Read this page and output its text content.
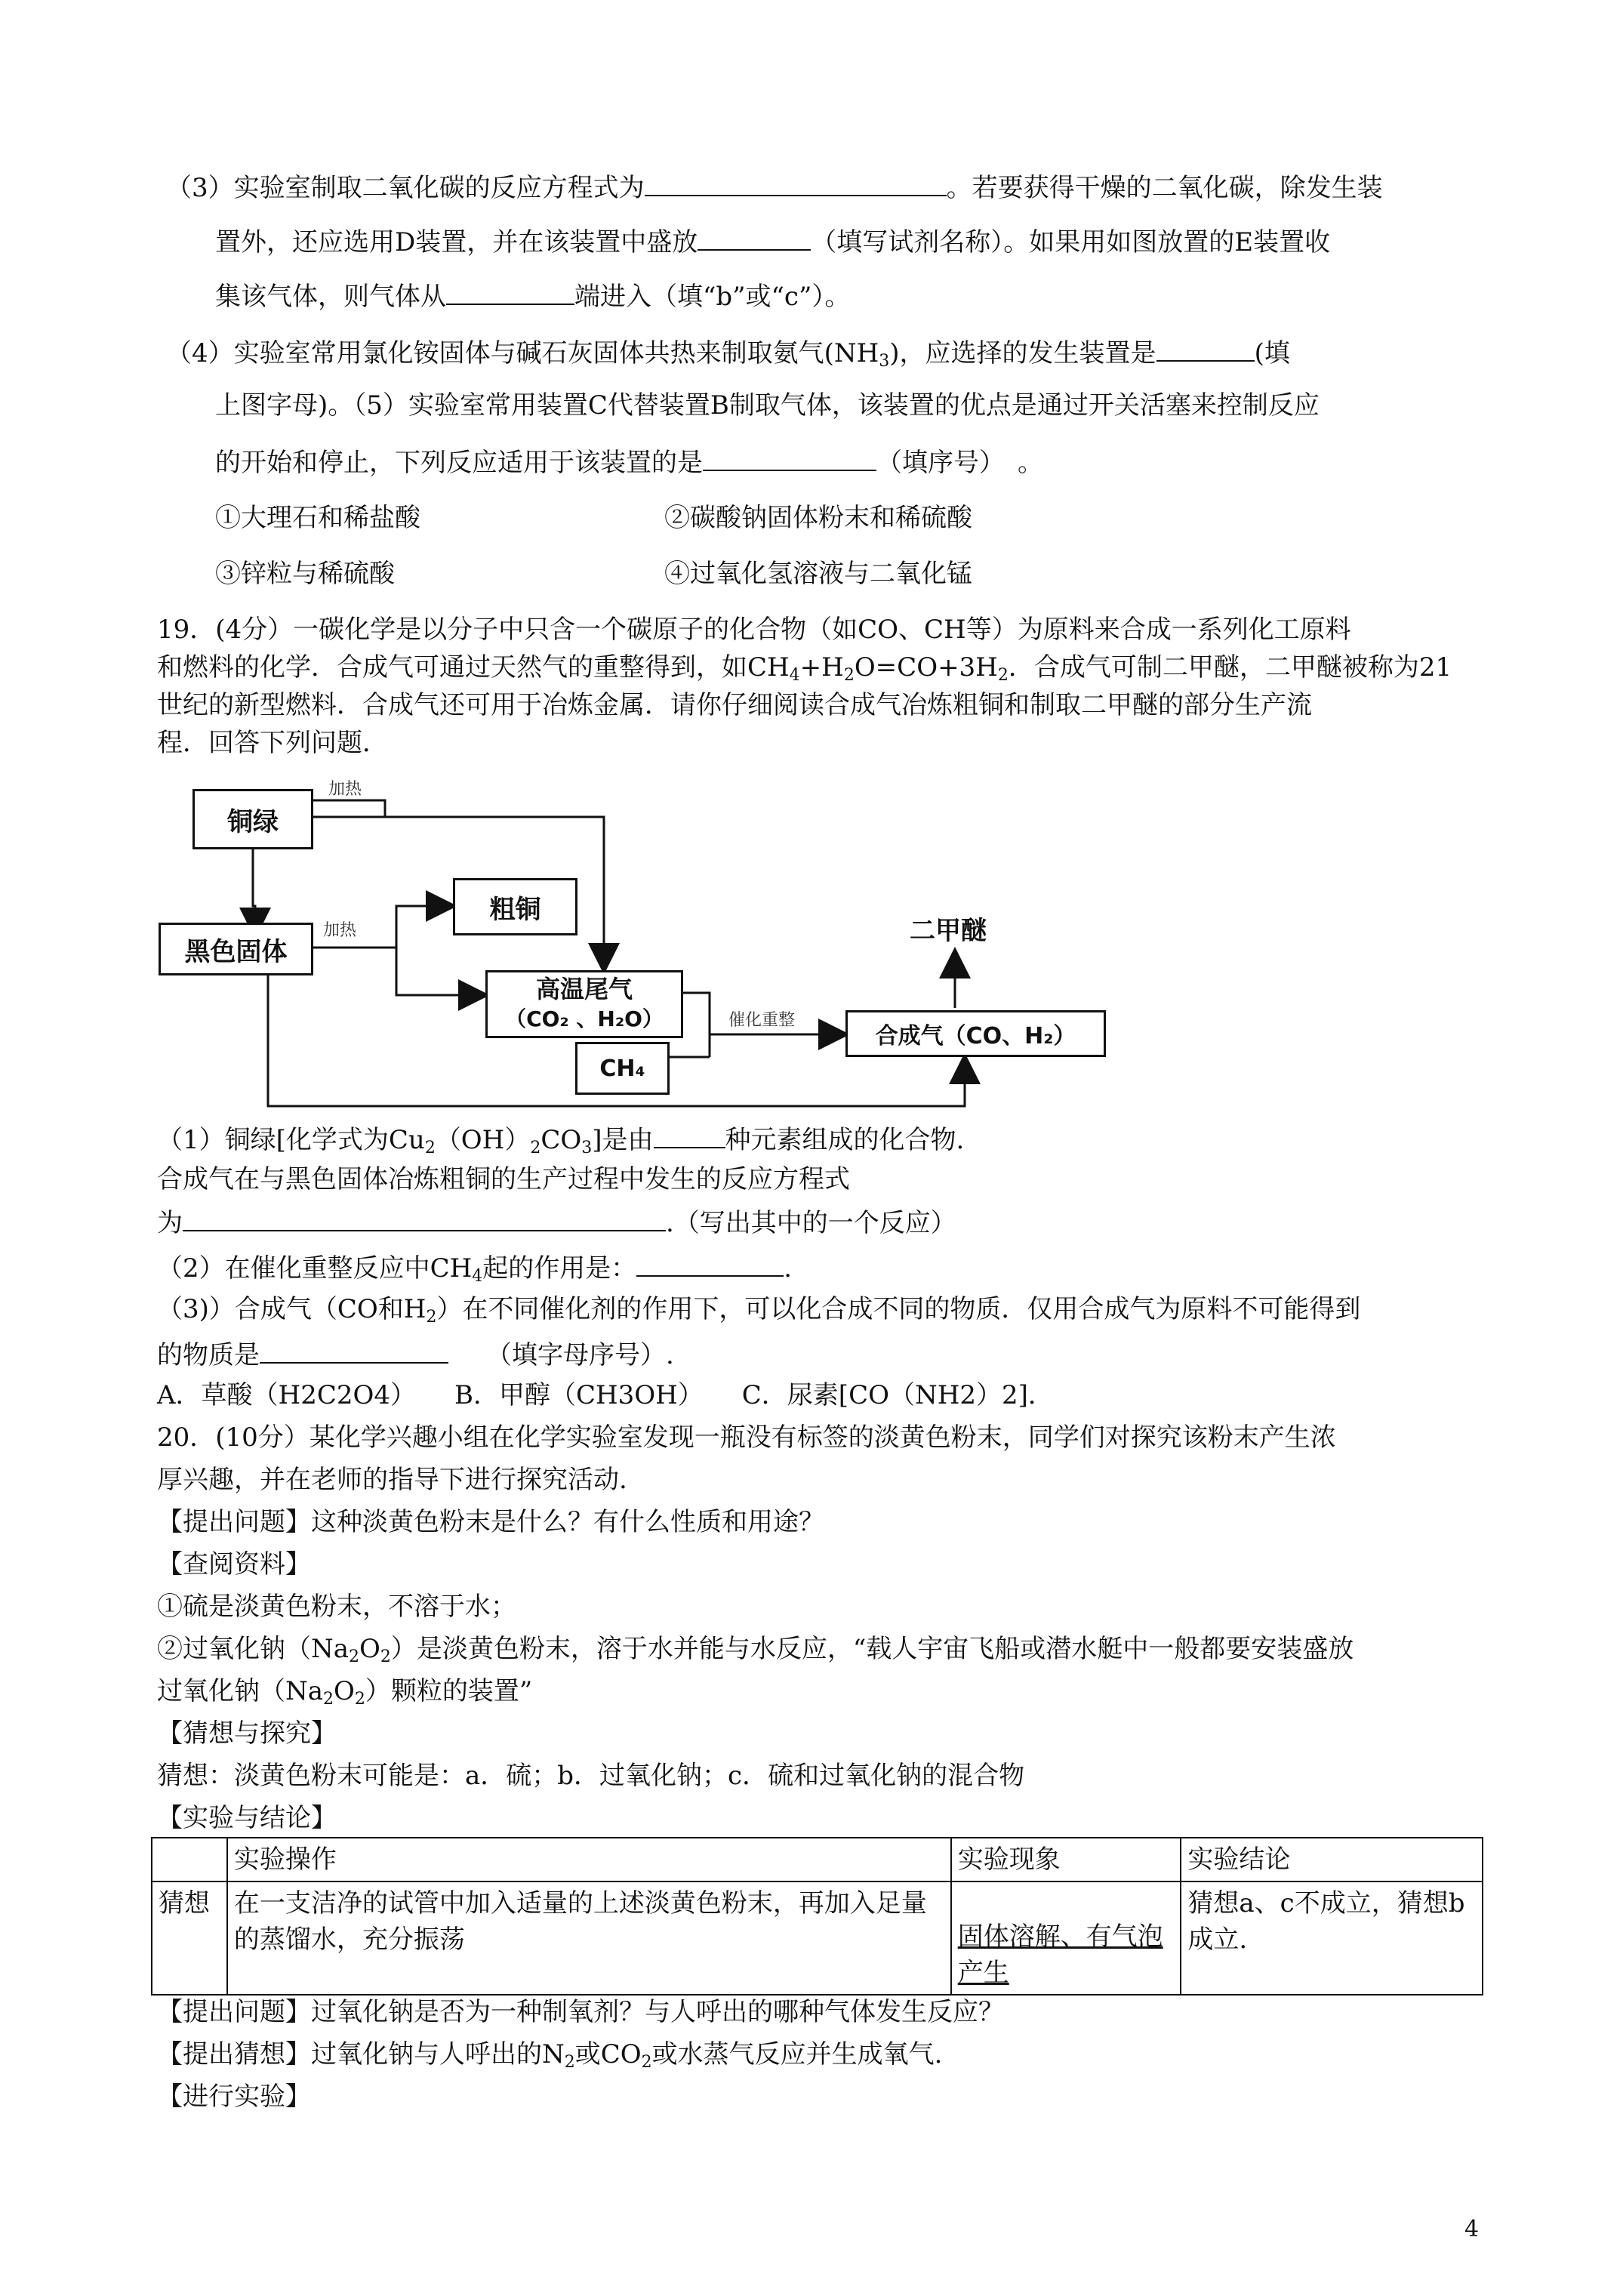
（3）实验室制取二氧化碳的反应方程式为	。若要获得干燥的二氧化碳，除发生装
置外，还应选用D装置，并在该装置中盛放	（填写试剂名称）。如果用如图放置的E装置收
集该气体，则气体从	端进入（填“b”或“c”）。
（4）实验室常用氯化铵固体与碱石灰固体共热来制取氨气$(NH_3)$，应选择的发生装置是	(填
上图字母)。（5）实验室常用装置C代替装置B制取气体，该装置的优点是通过开关活塞来控制反应
的开始和停止，下列反应适用于该装置的是	（填序号）　。
①大理石和稀盐酸	②碳酸钠固体粉末和稀硫酸
③锌粒与稀硫酸	④过氧化氢溶液与二氧化锰
19．(4分）一碳化学是以分子中只含一个碳原子的化合物（如CO、CH等）为原料来合成一系列化工原料
和燃料的化学．合成气可通过天然气的重整得到，如$CH_4+H_2O=CO+3H_2$．合成气可制二甲醚，二甲醚被称为21
世纪的新型燃料．合成气还可用于冶炼金属．请你仔细阅读合成气冶炼粗铜和制取二甲醚的部分生产流
程．回答下列问题．
铜绿
加热
黑色固体
加热
粗铜
高温尾气
（CO₂ 、H₂O）
CH₄
催化重整
合成气（CO、H₂）
二甲醚
（1）铜绿[化学式为$Cu_2(OH)_2CO_3$]是由	种元素组成的化合物.
合成气在与黑色固体冶炼粗铜的生产过程中发生的反应方程式
为	.（写出其中的一个反应）
（2）在催化重整反应中$CH_4$起的作用是：	.
（3)）合成气（CO和$H_2$）在不同催化剂的作用下，可以化合成不同的物质．仅用合成气为原料不可能得到
的物质是	（填字母序号）.
A．草酸（H2C2O4）　　B．甲醇（CH3OH）　　C．尿素[CO（NH2）2]．
20．(10分）某化学兴趣小组在化学实验室发现一瓶没有标签的淡黄色粉末，同学们对探究该粉末产生浓
厚兴趣，并在老师的指导下进行探究活动.
【提出问题】这种淡黄色粉末是什么？有什么性质和用途？
【查阅资料】
①硫是淡黄色粉末，不溶于水；
②过氧化钠$(Na_2O_2)$是淡黄色粉末，溶于水并能与水反应，“载人宇宙飞船或潜水艇中一般都要安装盛放
过氧化钠$(Na_2O_2)$颗粒的装置”
【猜想与探究】
猜想：淡黄色粉末可能是：a．硫；b．过氧化钠；c．硫和过氧化钠的混合物
【实验与结论】
	实验操作	实验现象	实验结论
猜想	在一支洁净的试管中加入适量的上述淡黄色粉末，再加入足量的蒸馏水，充分振荡	固体溶解、有气泡产生	猜想a、c不成立，猜想b成立.
【提出问题】过氧化钠是否为一种制氧剂？与人呼出的哪种气体发生反应？
【提出猜想】过氧化钠与人呼出的$N_2$或$CO_2$或水蒸气反应并生成氧气.
【进行实验】
4
